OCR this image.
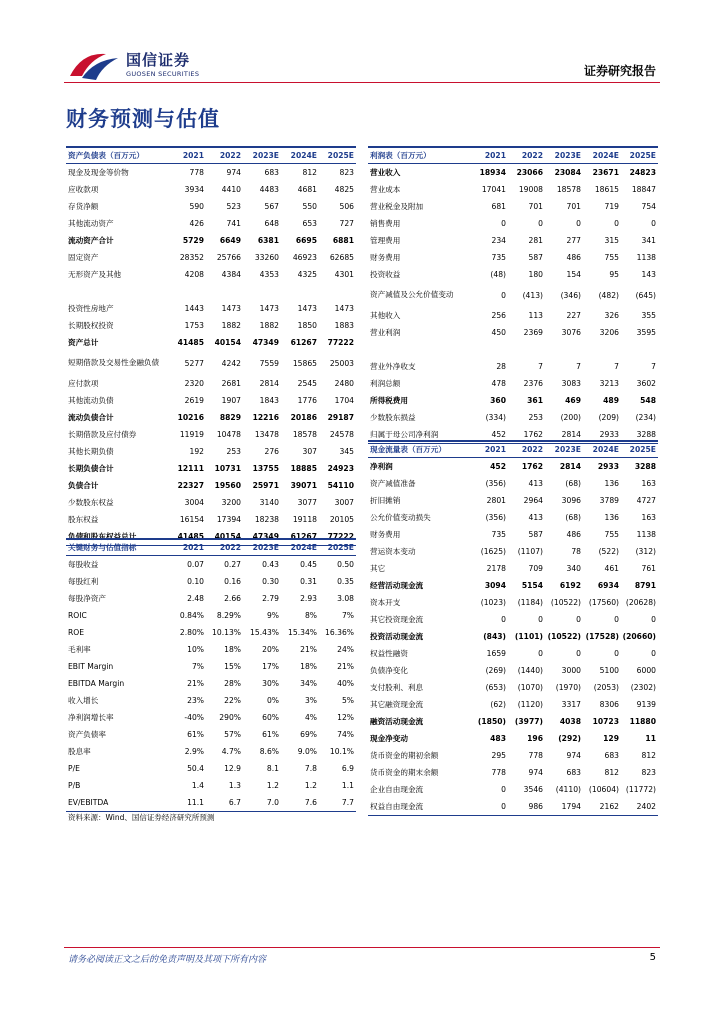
国信证券
GUOSEN SECURITIES	证券研究报告
财务预测与估值
资产负债表（百万元）	2021	2022	2023E	2024E	2025E
现金及现金等价物	778	974	683	812	823
应收款项	3934	4410	4483	4681	4825
存货净额	590	523	567	550	506
其他流动资产	426	741	648	653	727
流动资产合计	5729	6649	6381	6695	6881
固定资产	28352	25766	33260	46923	62685
无形资产及其他	4208	4384	4353	4325	4301

投资性房地产	1443	1473	1473	1473	1473
长期股权投资	1753	1882	1882	1850	1883
资产总计	41485	40154	47349	61267	77222
短期借款及交易性金融负债	5277	4242	7559	15865	25003
应付款项	2320	2681	2814	2545	2480
其他流动负债	2619	1907	1843	1776	1704
流动负债合计	10216	8829	12216	20186	29187
长期借款及应付债券	11919	10478	13478	18578	24578
其他长期负债	192	253	276	307	345
长期负债合计	12111	10731	13755	18885	24923
负债合计	22327	19560	25971	39071	54110
少数股东权益	3004	3200	3140	3077	3007
股东权益	16154	17394	18238	19118	20105
负债和股东权益总计	41485	40154	47349	61267	77222
关键财务与估值指标	2021	2022	2023E	2024E	2025E
每股收益	0.07	0.27	0.43	0.45	0.50
每股红利	0.10	0.16	0.30	0.31	0.35
每股净资产	2.48	2.66	2.79	2.93	3.08
ROIC	0.84%	8.29%	9%	8%	7%
ROE	2.80%	10.13%	15.43%	15.34%	16.36%
毛利率	10%	18%	20%	21%	24%
EBIT Margin	7%	15%	17%	18%	21%
EBITDA Margin	21%	28%	30%	34%	40%
收入增长	23%	22%	0%	3%	5%
净利润增长率	-40%	290%	60%	4%	12%
资产负债率	61%	57%	61%	69%	74%
股息率	2.9%	4.7%	8.6%	9.0%	10.1%
P/E	50.4	12.9	8.1	7.8	6.9
P/B	1.4	1.3	1.2	1.2	1.1
EV/EBITDA	11.1	6.7	7.0	7.6	7.7
利润表（百万元）	2021	2022	2023E	2024E	2025E
营业收入	18934	23066	23084	23671	24823
营业成本	17041	19008	18578	18615	18847
营业税金及附加	681	701	701	719	754
销售费用	0	0	0	0	0
管理费用	234	281	277	315	341
财务费用	735	587	486	755	1138
投资收益	(48)	180	154	95	143
资产减值及公允价值变动	0	(413)	(346)	(482)	(645)
其他收入	256	113	227	326	355
营业利润	450	2369	3076	3206	3595

营业外净收支	28	7	7	7	7
利润总额	478	2376	3083	3213	3602
所得税费用	360	361	469	489	548
少数股东损益	(334)	253	(200)	(209)	(234)
归属于母公司净利润	452	1762	2814	2933	3288
现金流量表（百万元）	2021	2022	2023E	2024E	2025E
净利润	452	1762	2814	2933	3288
资产减值准备	(356)	413	(68)	136	163
折旧摊销	2801	2964	3096	3789	4727
公允价值变动损失	(356)	413	(68)	136	163
财务费用	735	587	486	755	1138
营运资本变动	(1625)	(1107)	78	(522)	(312)
其它	2178	709	340	461	761
经营活动现金流	3094	5154	6192	6934	8791
资本开支	(1023)	(1184)	(10522)	(17560)	(20628)
其它投资现金流	0	0	0	0	0
投资活动现金流	(843)	(1101)	(10522)	(17528)	(20660)
权益性融资	1659	0	0	0	0
负债净变化	(269)	(1440)	3000	5100	6000
支付股利、利息	(653)	(1070)	(1970)	(2053)	(2302)
其它融资现金流	(62)	(1120)	3317	8306	9139
融资活动现金流	(1850)	(3977)	4038	10723	11880
现金净变动	483	196	(292)	129	11
货币资金的期初余额	295	778	974	683	812
货币资金的期末余额	778	974	683	812	823
企业自由现金流	0	3546	(4110)	(10604)	(11772)
权益自由现金流	0	986	1794	2162	2402
资料来源：Wind、国信证券经济研究所预测
请务必阅读正文之后的免责声明及其项下所有内容	5
